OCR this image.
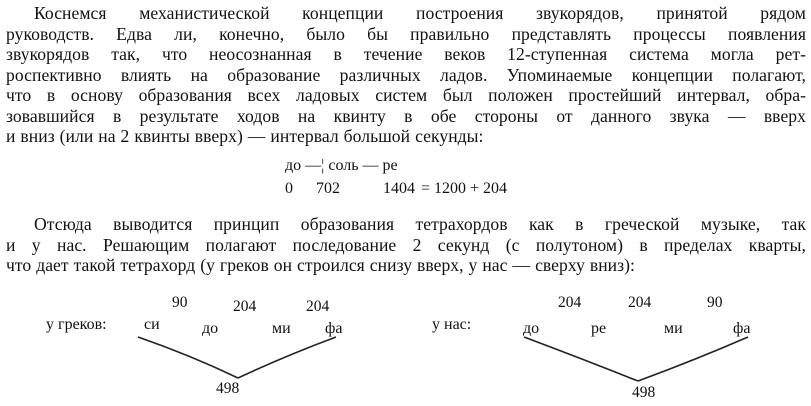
Коснемся механистической концепции построения звукорядов, принятой рядом
руководств. Едва ли, конечно, было бы правильно представлять процессы появления
звукорядов так, что неосознанная в течение веков 12-ступенная система могла рет-
роспективно влиять на образование различных ладов. Упоминаемые концепции полагают,
что в основу образования всех ладовых систем был положен простейший интервал, обра-
зовавшийся в результате ходов на квинту в обе стороны от данного звука — вверх
и вниз (или на 2 квинты вверх) — интервал большой секунды:
до —¦ соль — ре
0 702	1404 = 1200 + 204
Отсюда выводится принцип образования тетрахордов как в греческой музыке, так
и у нас. Решающим полагают последование 2 секунд (с полутоном) в пределах кварты,
что дает такой тетрахорд (у греков он строился снизу вверх, у нас — сверху вниз):
у греков: си	до	ми фа
90	204	204
498
у нас:	до	ре	ми	фа
204	204	90
498
